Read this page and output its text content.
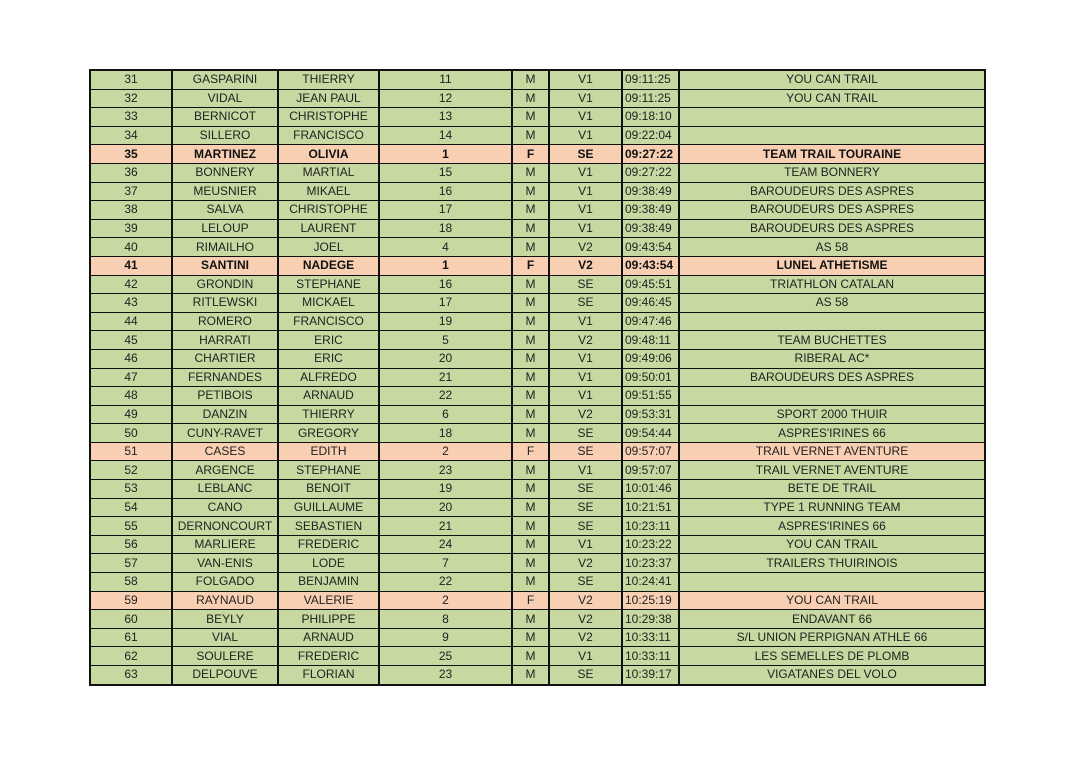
31	GASPARINI	THIERRY	11	M	V1	09:11:25	YOU CAN TRAIL
32	VIDAL	JEAN PAUL	12	M	V1	09:11:25	YOU CAN TRAIL
33	BERNICOT	CHRISTOPHE	13	M	V1	09:18:10	
34	SILLERO	FRANCISCO	14	M	V1	09:22:04	
35	MARTINEZ	OLIVIA	1	F	SE	09:27:22	TEAM TRAIL TOURAINE
36	BONNERY	MARTIAL	15	M	V1	09:27:22	TEAM BONNERY
37	MEUSNIER	MIKAEL	16	M	V1	09:38:49	BAROUDEURS DES ASPRES
38	SALVA	CHRISTOPHE	17	M	V1	09:38:49	BAROUDEURS DES ASPRES
39	LELOUP	LAURENT	18	M	V1	09:38:49	BAROUDEURS DES ASPRES
40	RIMAILHO	JOEL	4	M	V2	09:43:54	AS 58
41	SANTINI	NADEGE	1	F	V2	09:43:54	LUNEL ATHETISME
42	GRONDIN	STEPHANE	16	M	SE	09:45:51	TRIATHLON CATALAN
43	RITLEWSKI	MICKAEL	17	M	SE	09:46:45	AS 58
44	ROMERO	FRANCISCO	19	M	V1	09:47:46	
45	HARRATI	ERIC	5	M	V2	09:48:11	TEAM BUCHETTES
46	CHARTIER	ERIC	20	M	V1	09:49:06	RIBERAL AC*
47	FERNANDES	ALFREDO	21	M	V1	09:50:01	BAROUDEURS DES ASPRES
48	PETIBOIS	ARNAUD	22	M	V1	09:51:55	
49	DANZIN	THIERRY	6	M	V2	09:53:31	SPORT 2000 THUIR
50	CUNY-RAVET	GREGORY	18	M	SE	09:54:44	ASPRES'IRINES 66
51	CASES	EDITH	2	F	SE	09:57:07	TRAIL VERNET AVENTURE
52	ARGENCE	STEPHANE	23	M	V1	09:57:07	TRAIL VERNET AVENTURE
53	LEBLANC	BENOIT	19	M	SE	10:01:46	BETE DE TRAIL
54	CANO	GUILLAUME	20	M	SE	10:21:51	TYPE 1 RUNNING TEAM
55	DERNONCOURT	SEBASTIEN	21	M	SE	10:23:11	ASPRES'IRINES 66
56	MARLIERE	FREDERIC	24	M	V1	10:23:22	YOU CAN TRAIL
57	VAN-ENIS	LODE	7	M	V2	10:23:37	TRAILERS THUIRINOIS
58	FOLGADO	BENJAMIN	22	M	SE	10:24:41	
59	RAYNAUD	VALERIE	2	F	V2	10:25:19	YOU CAN TRAIL
60	BEYLY	PHILIPPE	8	M	V2	10:29:38	ENDAVANT 66
61	VIAL	ARNAUD	9	M	V2	10:33:11	S/L UNION PERPIGNAN ATHLE 66
62	SOULERE	FREDERIC	25	M	V1	10:33:11	LES SEMELLES DE PLOMB
63	DELPOUVE	FLORIAN	23	M	SE	10:39:17	VIGATANES DEL VOLO
